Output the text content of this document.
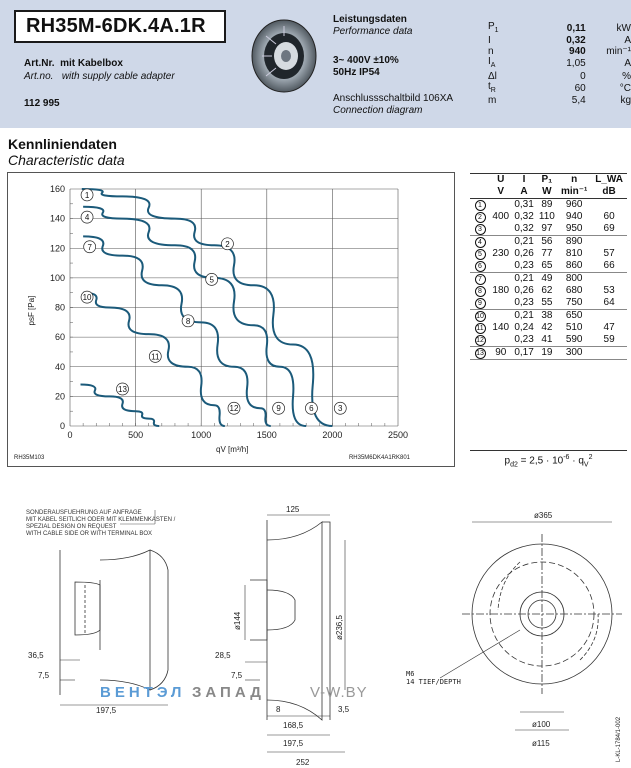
RH35M-6DK.4A.1R
Art.Nr. mit Kabelbox
Art.no. with supply cable adapter
112 995
Leistungsdaten
Performance data
3~ 400V ±10%
50Hz IP54
Anschlussschaltbild 106XA
Connection diagram
$P_1$	0,11	kW
I	0,32	A
n	940	min⁻¹
$I_A$	1,05	A
Δl	0	%
$t_R$	60	°C
m	5,4	kg
Kennliniendaten
Characteristic data
0	500	1000	1500	2000	2500
0
20
40
60
80
100
120
140
160
qV [m³/h]
psF [Pa]
RH35M103	RH35M6DK4A1RK801
1
2
4
5
7
8
10
11
13
12	9	6	3
	U	I	P₁	n	L_WA
	V	A	W	min⁻¹	dB
1		0,31	89	960	
2	400	0,32	110	940	60
3		0,32	97	950	69
4		0,21	56	890	
5	230	0,26	77	810	57
6		0,23	65	860	66
7		0,21	49	800	
8	180	0,26	62	680	53
9		0,23	55	750	64
10		0,21	38	650	
11	140	0,24	42	510	47
12		0,23	41	590	59
13	90	0,17	19	300	
$p_{d2} = 2,5 \cdot 10^{-6} \cdot q_V^2$
SONDERAUSFUEHRUNG AUF ANFRAGE
MIT KABEL SEITLICH ODER MIT KLEMMENKASTEN /
SPEZIAL DESIGN ON REQUEST
WITH CABLE SIDE OR WITH TERMINAL BOX
36,5
7,5
197,5
125
ø144	ø236,5
28,5
7,5
8	3,5
168,5
197,5
252
ø365
ø100
ø115
M6
14 TIEF/DEPTH
L-KL-1784/1-002
ВЕНТЭЛ ЗАПАД	V-W.BY
